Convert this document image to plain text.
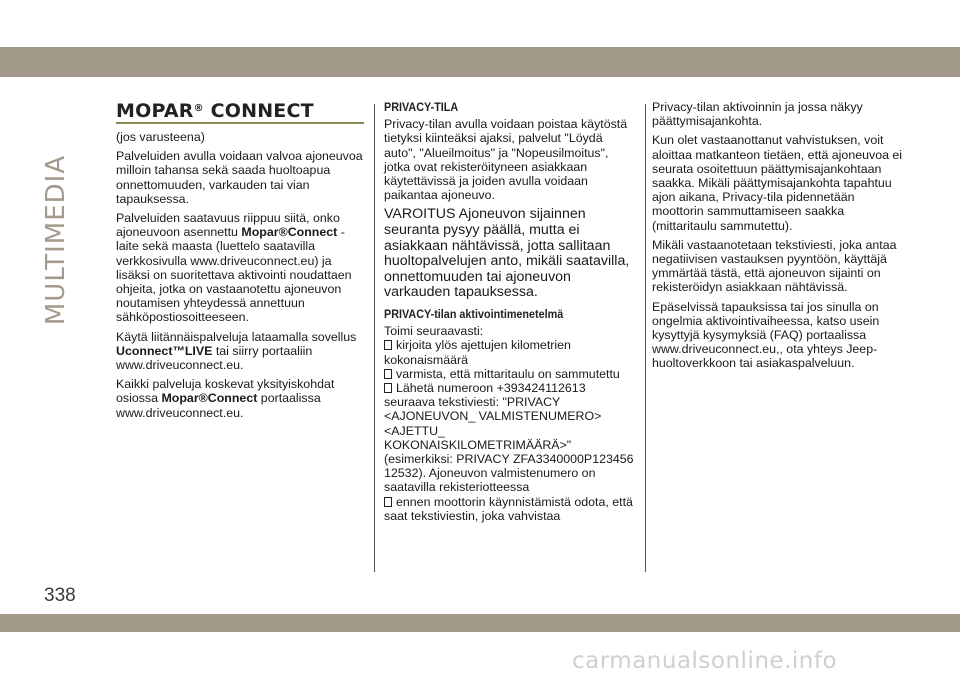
MULTIMEDIA
MOPAR® CONNECT

(jos varusteena)

Palveluiden avulla voidaan valvoa ajoneuvoa milloin tahansa sekä saada huoltoapua onnettomuuden, varkauden tai vian tapauksessa.

Palveluiden saatavuus riippuu siitä, onko ajoneuvoon asennettu Mopar®Connect -laite sekä maasta (luettelo saatavilla verkkosivulla www.driveuconnect.eu) ja lisäksi on suoritettava aktivointi noudattaen ohjeita, jotka on vastaanotettu ajoneuvon noutamisen yhteydessä annettuun sähköpostiosoitteeseen.

Käytä liitännäispalveluja lataamalla sovellus Uconnect™LIVE tai siirry portaaliin www.driveuconnect.eu.

Kaikki palveluja koskevat yksityiskohdat osiossa Mopar®Connect portaalissa www.driveuconnect.eu.

PRIVACY-TILA

Privacy-tilan avulla voidaan poistaa käytöstä tietyksi kiinteäksi ajaksi, palvelut "Löydä auto", "Alueilmoitus" ja "Nopeusilmoitus", jotka ovat rekisteröityneen asiakkaan käytettävissä ja joiden avulla voidaan paikantaa ajoneuvo.

VAROITUS Ajoneuvon sijainnen seuranta pysyy päällä, mutta ei asiakkaan nähtävissä, jotta sallitaan huoltopalvelujen anto, mikäli saatavilla, onnettomuuden tai ajoneuvon varkauden tapauksessa.

PRIVACY-tilan aktivointimenetelmä

Toimi seuraavasti:

kirjoita ylös ajettujen kilometrien kokonaismäärä
varmista, että mittaritaulu on sammutettu
Lähetä numeroon +393424112613 seuraava tekstiviesti: "PRIVACY <AJONEUVON_ VALMISTENUMERO> <AJETTU_ KOKONAISKILOMETRIMÄÄRÄ>" (esimerkiksi: PRIVACY ZFA3340000P123456 12532). Ajoneuvon valmistenumero on saatavilla rekisteriotteessa
ennen moottorin käynnistämistä odota, että saat tekstiviestin, joka vahvistaa

Privacy-tilan aktivoinnin ja jossa näkyy päättymisajankohta.

Kun olet vastaanottanut vahvistuksen, voit aloittaa matkanteon tietäen, että ajoneuvoa ei seurata osoitettuun päättymisajankohtaan saakka. Mikäli päättymisajankohta tapahtuu ajon aikana, Privacy-tila pidennetään moottorin sammuttamiseen saakka (mittaritaulu sammutettu).

Mikäli vastaanotetaan tekstiviesti, joka antaa negatiivisen vastauksen pyyntöön, käyttäjä ymmärtää tästä, että ajoneuvon sijainti on rekisteröidyn asiakkaan nähtävissä.

Epäselvissä tapauksissa tai jos sinulla on ongelmia aktivointivaiheessa, katso usein kysyttyjä kysymyksiä (FAQ) portaalissa www.driveuconnect.eu,, ota yhteys Jeep-huoltoverkkoon tai asiakaspalveluun.

338
carmanualsonline.info
